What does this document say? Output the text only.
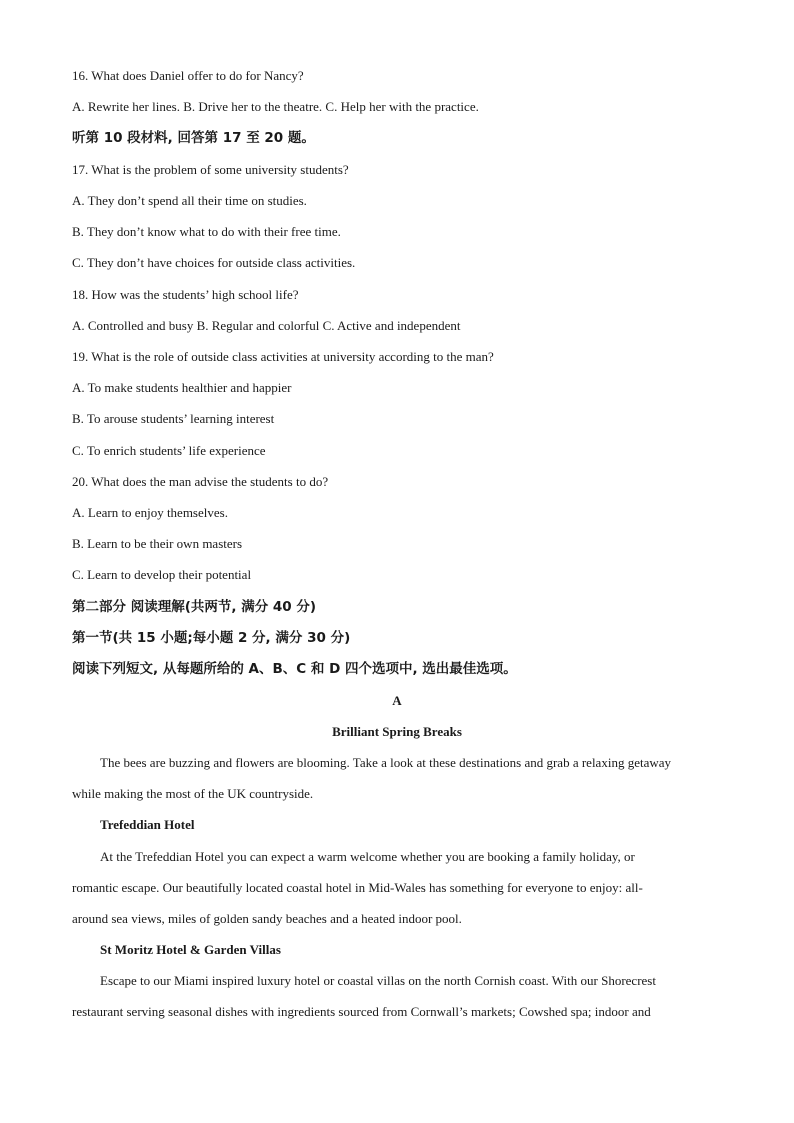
16. What does Daniel offer to do for Nancy?
A. Rewrite her lines. B. Drive her to the theatre. C. Help her with the practice.
听第 10 段材料, 回答第 17 至 20 题。
17. What is the problem of some university students?
A. They don’t spend all their time on studies.
B. They don’t know what to do with their free time.
C. They don’t have choices for outside class activities.
18. How was the students’ high school life?
A. Controlled and busy B. Regular and colorful C. Active and independent
19. What is the role of outside class activities at university according to the man?
A. To make students healthier and happier
B. To arouse students’ learning interest
C. To enrich students’ life experience
20. What does the man advise the students to do?
A. Learn to enjoy themselves.
B. Learn to be their own masters
C. Learn to develop their potential
第二部分 阅读理解(共两节, 满分 40 分)
第一节(共 15 小题;每小题 2 分, 满分 30 分)
阅读下列短文, 从每题所给的 A、B、C 和 D 四个选项中, 选出最佳选项。
A
Brilliant Spring Breaks
The bees are buzzing and flowers are blooming. Take a look at these destinations and grab a relaxing getaway
while making the most of the UK countryside.
Trefeddian Hotel
At the Trefeddian Hotel you can expect a warm welcome whether you are booking a family holiday, or
romantic escape. Our beautifully located coastal hotel in Mid-Wales has something for everyone to enjoy: all-
around sea views, miles of golden sandy beaches and a heated indoor pool.
St Moritz Hotel & Garden Villas
Escape to our Miami inspired luxury hotel or coastal villas on the north Cornish coast. With our Shorecrest
restaurant serving seasonal dishes with ingredients sourced from Cornwall’s markets; Cowshed spa; indoor and
